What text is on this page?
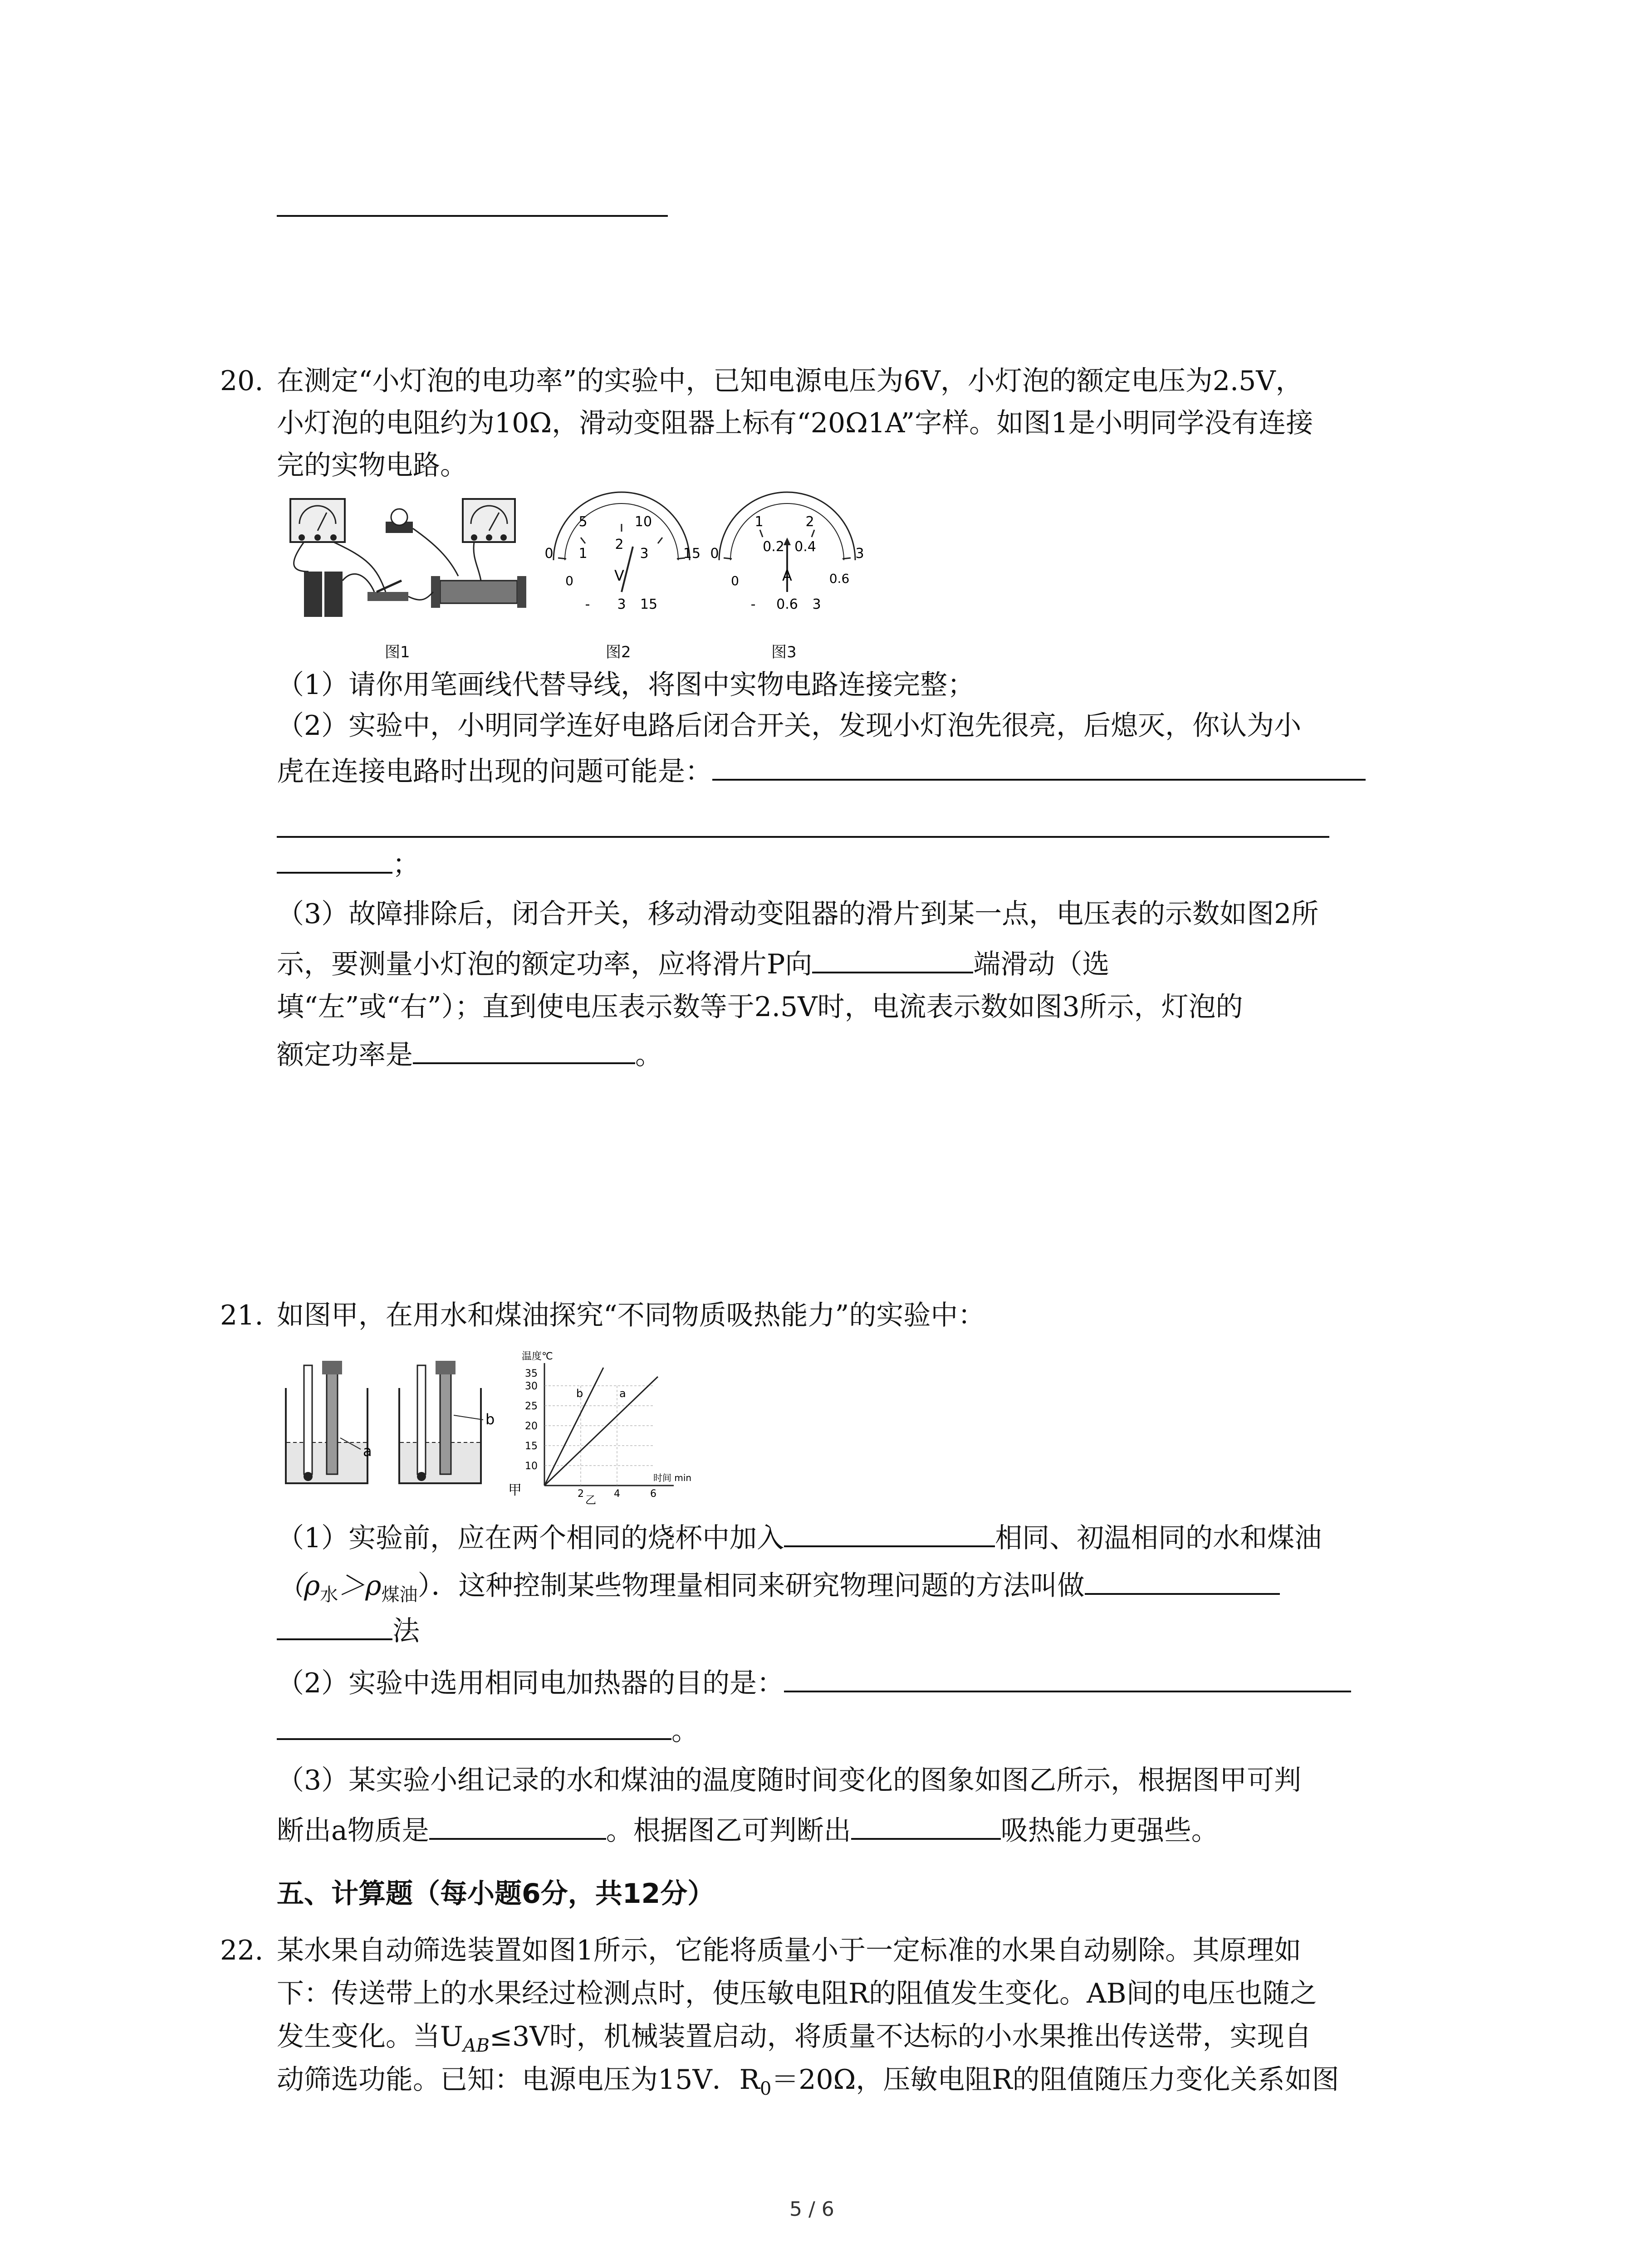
20. 在测定“小灯泡的电功率”的实验中，已知电源电压为6V，小灯泡的额定电压为2.5V，
小灯泡的电阻约为10Ω，滑动变阻器上标有“20Ω1A”字样。如图1是小明同学没有连接
完的实物电路。
5	10
0 1
2
3	15
V
0
- 3 15
1	2
0	0.2 0.4
0.6
3
A
0
- 0.6 3
图1	图2	图3
（1）请你用笔画线代替导线，将图中实物电路连接完整；
（2）实验中，小明同学连好电路后闭合开关，发现小灯泡先很亮，后熄灭，你认为小
虎在连接电路时出现的问题可能是：
；
（3）故障排除后，闭合开关，移动滑动变阻器的滑片到某一点，电压表的示数如图2所
示，要测量小灯泡的额定功率，应将滑片P向	端滑动（选
填“左”或“右”）；直到使电压表示数等于2.5V时，电流表示数如图3所示，灯泡的
额定功率是	。
21. 如图甲，在用水和煤油探究“不同物质吸热能力”的实验中：
a
b
甲
温度℃
35
30
25
20
15
10
2	4	6
时间 min
b	a
乙
（1）实验前，应在两个相同的烧杯中加入	相同、初温相同的水和煤油
$(\rho_水>\rho_{煤油})$．这种控制某些物理量相同来研究物理问题的方法叫做
法
（2）实验中选用相同电加热器的目的是：
。
（3）某实验小组记录的水和煤油的温度随时间变化的图象如图乙所示，根据图甲可判
断出a物质是	。根据图乙可判断出	吸热能力更强些。
五、计算题（每小题6分，共12分）
22. 某水果自动筛选装置如图1所示，它能将质量小于一定标准的水果自动剔除。其原理如
下：传送带上的水果经过检测点时，使压敏电阻R的阻值发生变化。AB间的电压也随之
发生变化。当$U_{AB}\le 3V$时，机械装置启动，将质量不达标的小水果推出传送带，实现自
动筛选功能。已知：电源电压为15V．$R_0=20\Omega$，压敏电阻R的阻值随压力变化关系如图
5 / 6
